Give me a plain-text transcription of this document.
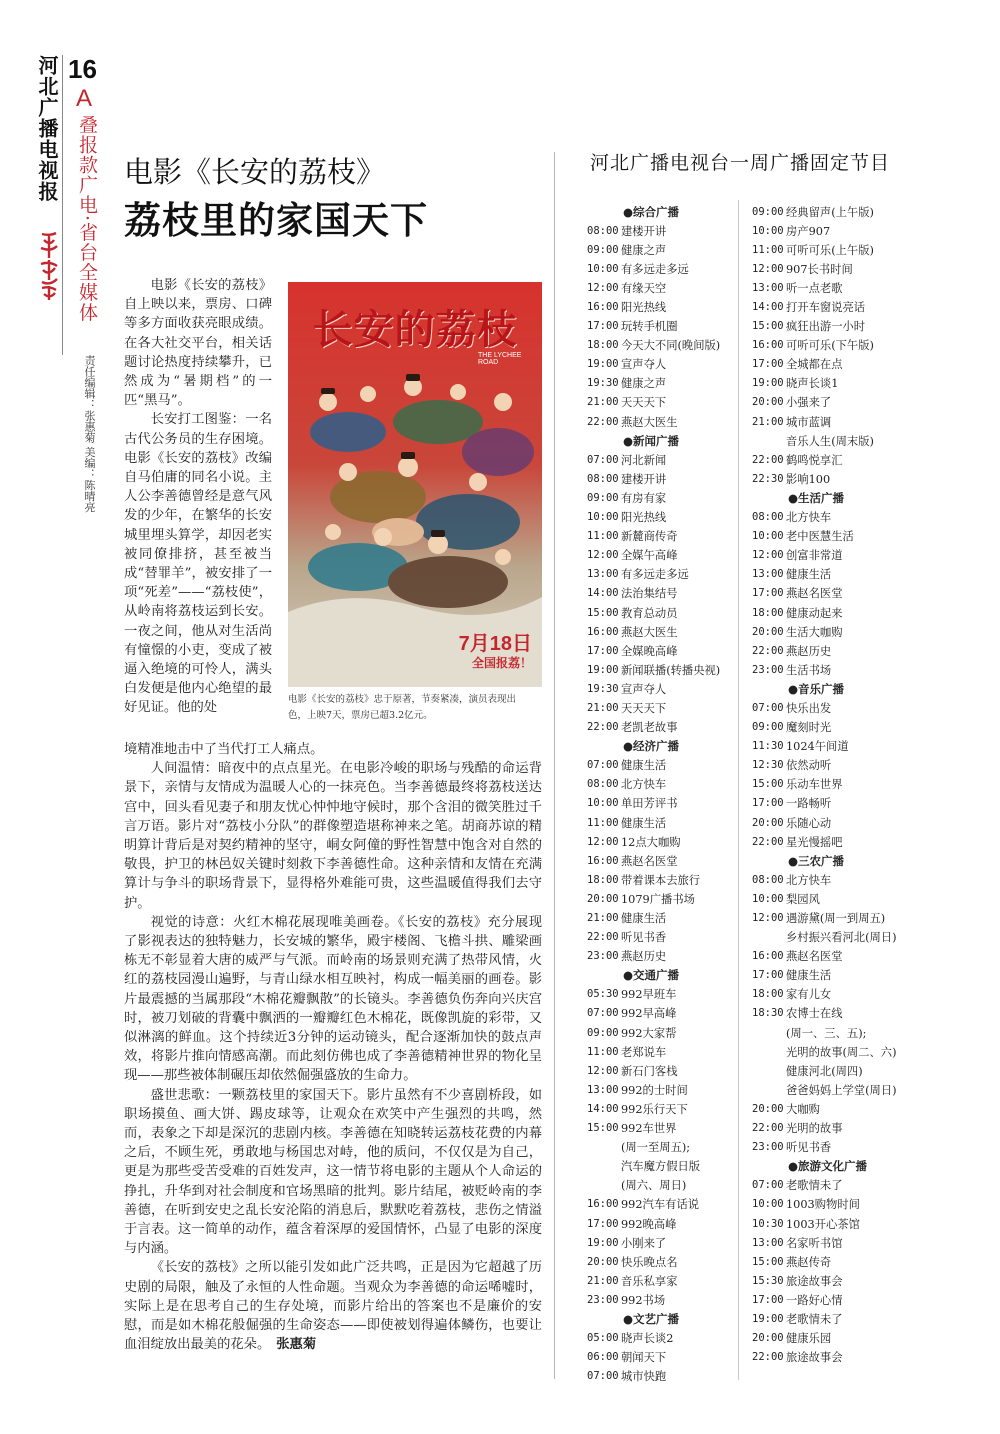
河北广播电视报 16
A
叠报款广电·省台全媒体
责任编辑：张惠菊 美编：陈晴亮
电影《长安的荔枝》
荔枝里的家国天下

电影《长安的荔枝》自上映以来，票房、口碑等多方面收获亮眼成绩。在各大社交平台，相关话题讨论热度持续攀升，已然成为“暑期档”的一匹“黑马”。

长安打工图鉴：一名古代公务员的生存困境。电影《长安的荔枝》改编自马伯庸的同名小说。主人公李善德曾经是意气风发的少年，在繁华的长安城里埋头算学，却因老实被同僚排挤，甚至被当成“替罪羊”，被安排了一项“死差”——“荔枝使”，从岭南将荔枝运到长安。一夜之间，他从对生活尚有憧憬的小吏，变成了被逼入绝境的可怜人，满头白发便是他内心绝望的最好见证。他的处

长安的荔枝
THE LYCHEE ROAD
7月18日
全国报荔！
电影《长安的荔枝》忠于原著，节奏紧凑，演员表现出色，上映7天，票房已超3.2亿元。

境精准地击中了当代打工人痛点。

人间温情：暗夜中的点点星光。在电影冷峻的职场与残酷的命运背景下，亲情与友情成为温暖人心的一抹亮色。当李善德最终将荔枝送达宫中，回头看见妻子和朋友忧心忡忡地守候时，那个含泪的微笑胜过千言万语。影片对“荔枝小分队”的群像塑造堪称神来之笔。胡商苏谅的精明算计背后是对契约精神的坚守，峒女阿僮的野性智慧中饱含对自然的敬畏，护卫的林邑奴关键时刻救下李善德性命。这种亲情和友情在充满算计与争斗的职场背景下，显得格外难能可贵，这些温暖值得我们去守护。

视觉的诗意：火红木棉花展现唯美画卷。《长安的荔枝》充分展现了影视表达的独特魅力，长安城的繁华，殿宇楼阁、飞檐斗拱、雕梁画栋无不彰显着大唐的威严与气派。而岭南的场景则充满了热带风情，火红的荔枝园漫山遍野，与青山绿水相互映衬，构成一幅美丽的画卷。影片最震撼的当属那段“木棉花瓣飘散”的长镜头。李善德负伤奔向兴庆宫时，被刀划破的背囊中飘洒的一瓣瓣红色木棉花，既像凯旋的彩带，又似淋漓的鲜血。这个持续近3分钟的运动镜头，配合逐渐加快的鼓点声效，将影片推向情感高潮。而此刻仿佛也成了李善德精神世界的物化呈现——那些被体制碾压却依然倔强盛放的生命力。

盛世悲歌：一颗荔枝里的家国天下。影片虽然有不少喜剧桥段，如职场摸鱼、画大饼、踢皮球等，让观众在欢笑中产生强烈的共鸣，然而，表象之下却是深沉的悲剧内核。李善德在知晓转运荔枝花费的内幕之后，不顾生死，勇敢地与杨国忠对峙，他的质问，不仅仅是为自己，更是为那些受苦受难的百姓发声，这一情节将电影的主题从个人命运的挣扎，升华到对社会制度和官场黑暗的批判。影片结尾，被贬岭南的李善德，在听到安史之乱长安沦陷的消息后，默默吃着荔枝，悲伤之情溢于言表。这一简单的动作，蕴含着深厚的爱国情怀，凸显了电影的深度与内涵。

《长安的荔枝》之所以能引发如此广泛共鸣，正是因为它超越了历史剧的局限，触及了永恒的人性命题。当观众为李善德的命运唏嘘时，实际上是在思考自己的生存处境，而影片给出的答案也不是廉价的安慰，而是如木棉花般倔强的生命姿态——即使被划得遍体鳞伤，也要让血泪绽放出最美的花朵。 张惠菊

河北广播电视台一周广播固定节目
●综合广播
08:00 建楼开讲
09:00 健康之声
10:00 有多远走多远
12:00 有缘天空
16:00 阳光热线
17:00 玩转手机圈
18:00 今天大不同(晚间版)
19:00 宣声夺人
19:30 健康之声
21:00 天天天下
22:00 燕赵大医生
●新闻广播
07:00 河北新闻
08:00 建楼开讲
09:00 有房有家
10:00 阳光热线
11:00 新麓商传奇
12:00 全媒午高峰
13:00 有多远走多远
14:00 法治集结号
15:00 教育总动员
16:00 燕赵大医生
17:00 全媒晚高峰
19:00 新闻联播(转播央视)
19:30 宣声夺人
21:00 天天天下
22:00 老凯老故事
●经济广播
07:00 健康生活
08:00 北方快车
10:00 单田芳评书
11:00 健康生活
12:00 12点大咖购
16:00 燕赵名医堂
18:00 带着课本去旅行
20:00 1079广播书场
21:00 健康生活
22:00 听见书香
23:00 燕赵历史
●交通广播
05:30 992早班车
07:00 992早高峰
09:00 992大家帮
11:00 老郑说车
12:00 新石门客栈
13:00 992的士时间
14:00 992乐行天下
15:00 992车世界
(周一至周五);
汽车魔方假日版
(周六、周日)
16:00 992汽车有话说
17:00 992晚高峰
19:00 小刚来了
20:00 快乐晚点名
21:00 音乐私享家
23:00 992书场
●文艺广播
05:00 晓声长谈2
06:00 朝闻天下
07:00 城市快跑
09:00 经典留声(上午版)
10:00 房产907
11:00 可听可乐(上午版)
12:00 907长书时间
13:00 听一点老歌
14:00 打开车窗说亮话
15:00 疯狂出游一小时
16:00 可听可乐(下午版)
17:00 全城都在点
19:00 晓声长谈1
20:00 小强来了
21:00 城市蓝调
音乐人生(周末版)
22:00 鹤鸣悦享汇
22:30 影响100
●生活广播
08:00 北方快车
10:00 老中医慧生活
12:00 创富非常道
13:00 健康生活
17:00 燕赵名医堂
18:00 健康动起来
20:00 生活大咖购
22:00 燕赵历史
23:00 生活书场
●音乐广播
07:00 快乐出发
09:00 魔刻时光
11:30 1024午间道
12:30 依然动听
15:00 乐动车世界
17:00 一路畅听
20:00 乐随心动
22:00 星光慢摇吧
●三农广播
08:00 北方快车
10:00 梨园风
12:00 遇游黛(周一到周五)
乡村振兴看河北(周日)
16:00 燕赵名医堂
17:00 健康生活
18:00 家有儿女
18:30 农博士在线
(周一、三、五);
光明的故事(周二、六)
健康河北(周四)
爸爸妈妈上学堂(周日)
20:00 大咖购
22:00 光明的故事
23:00 听见书香
●旅游文化广播
07:00 老歌情未了
10:00 1003购物时间
10:30 1003开心茶馆
13:00 名家听书馆
15:00 燕赵传奇
15:30 旅途故事会
17:00 一路好心情
19:00 老歌情未了
20:00 健康乐园
22:00 旅途故事会
